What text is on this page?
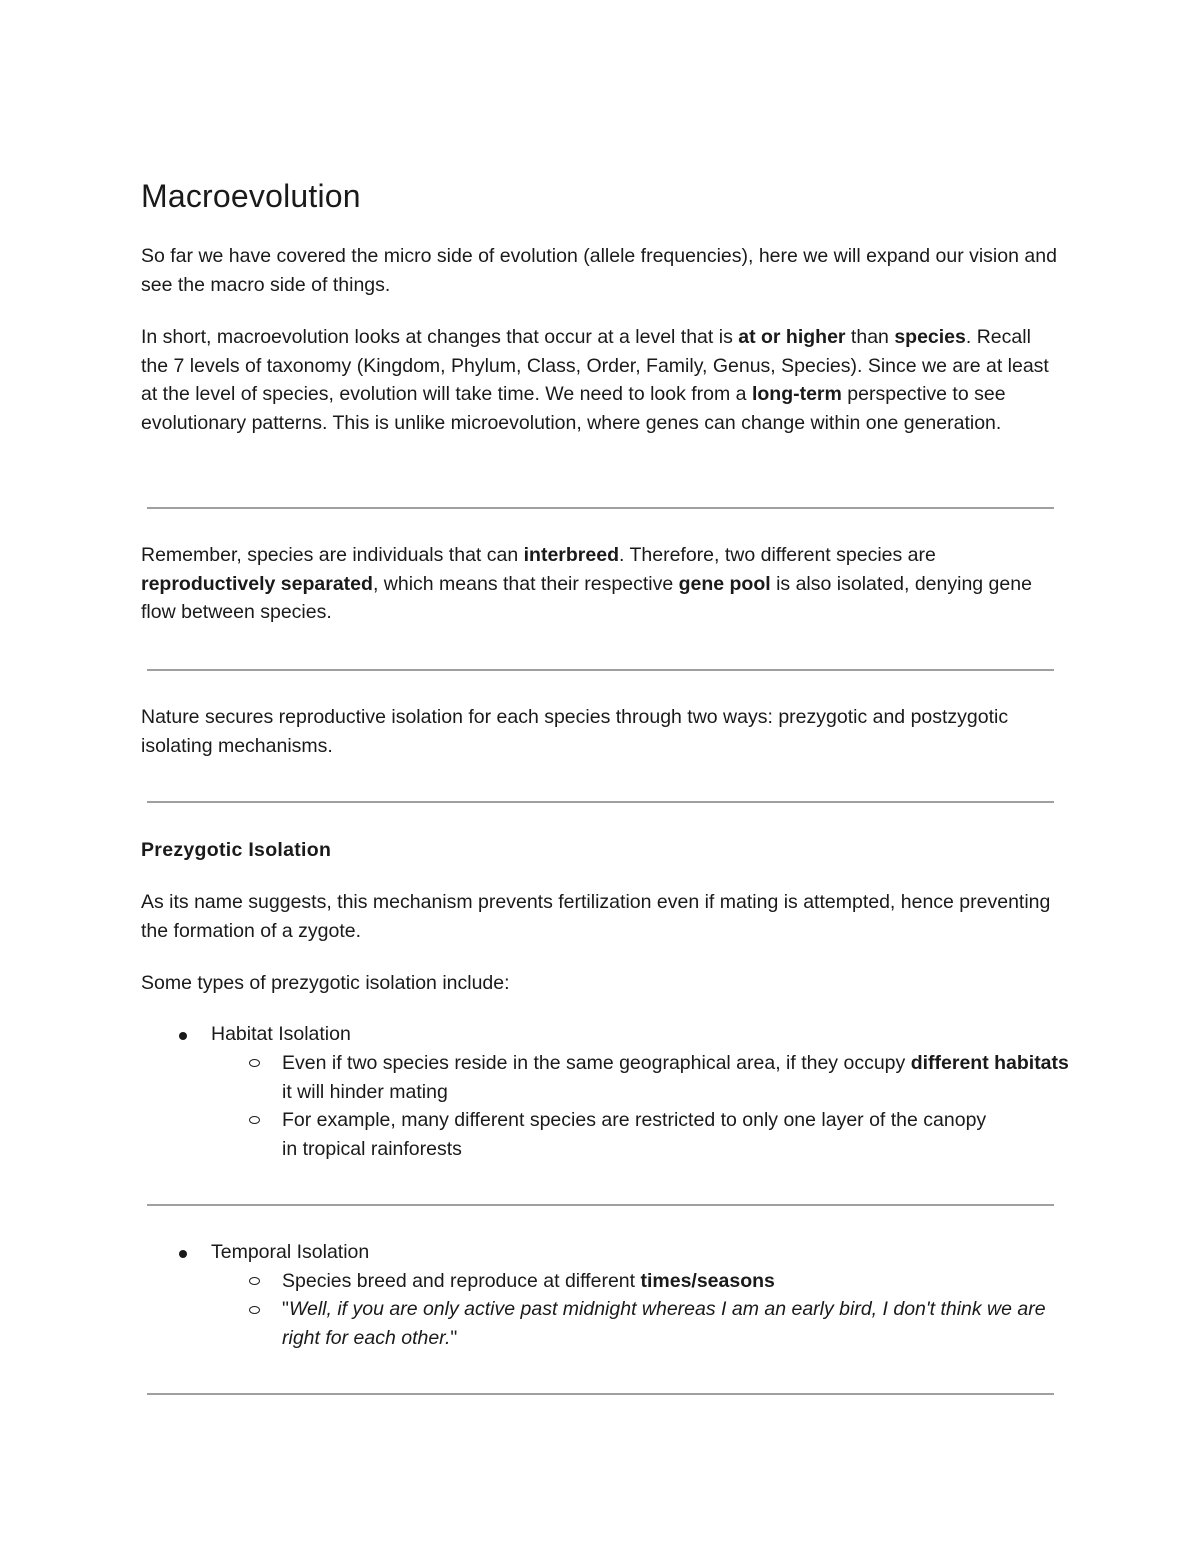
Macroevolution

So far we have covered the micro side of evolution (allele frequencies), here we will expand our vision and see the macro side of things.

In short, macroevolution looks at changes that occur at a level that is at or higher than species. Recall the 7 levels of taxonomy (Kingdom, Phylum, Class, Order, Family, Genus, Species). Since we are at least at the level of species, evolution will take time. We need to look from a long-term perspective to see evolutionary patterns. This is unlike microevolution, where genes can change within one generation.

Remember, species are individuals that can interbreed. Therefore, two different species are reproductively separated, which means that their respective gene pool is also isolated, denying gene flow between species.

Nature secures reproductive isolation for each species through two ways: prezygotic and postzygotic isolating mechanisms.

Prezygotic Isolation

As its name suggests, this mechanism prevents fertilization even if mating is attempted, hence preventing the formation of a zygote.

Some types of prezygotic isolation include:

Habitat Isolation
Even if two species reside in the same geographical area, if they occupy different habitats it will hinder mating
For example, many different species are restricted to only one layer of the canopy in tropical rainforests
Temporal Isolation
Species breed and reproduce at different times/seasons
"Well, if you are only active past midnight whereas I am an early bird, I don't think we are right for each other."
